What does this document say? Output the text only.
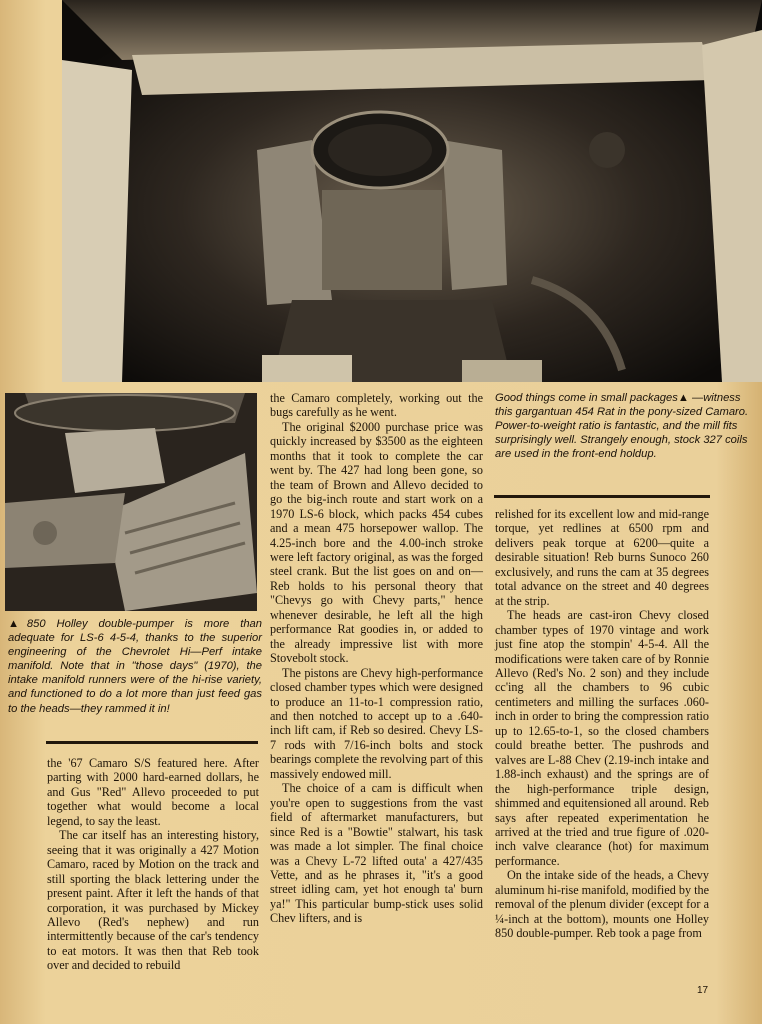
▲850 Holley double-pumper is more than adequate for LS-6 4-5-4, thanks to the superior engineering of the Chevrolet Hi—Perf intake manifold. Note that in "those days" (1970), the intake manifold runners were of the hi-rise variety, and functioned to do a lot more than just feed gas to the heads—they rammed it in!
Good things come in small packages▲ —witness this gargantuan 454 Rat in the pony-sized Camaro. Power-to-weight ratio is fantastic, and the mill fits surprisingly well. Strangely enough, stock 327 coils are used in the front-end holdup.

the '67 Camaro S/S featured here. After parting with 2000 hard-earned dollars, he and Gus "Red" Allevo proceeded to put together what would become a local legend, to say the least.

The car itself has an interesting history, seeing that it was originally a 427 Motion Camaro, raced by Motion on the track and still sporting the black lettering under the present paint. After it left the hands of that corporation, it was purchased by Mickey Allevo (Red's nephew) and run intermittently because of the car's tendency to eat motors. It was then that Reb took over and decided to rebuild

the Camaro completely, working out the bugs carefully as he went.

The original $2000 purchase price was quickly increased by $3500 as the eighteen months that it took to complete the car went by. The 427 had long been gone, so the team of Brown and Allevo decided to go the big-inch route and start work on a 1970 LS-6 block, which packs 454 cubes and a mean 475 horsepower wallop. The 4.25-inch bore and the 4.00-inch stroke were left factory original, as was the forged steel crank. But the list goes on and on—Reb holds to his personal theory that "Chevys go with Chevy parts," hence whenever desirable, he left all the high performance Rat goodies in, or added to the already impressive list with more Stovebolt stock.

The pistons are Chevy high-performance closed chamber types which were designed to produce an 11-to-1 compression ratio, and then notched to accept up to a .640-inch lift cam, if Reb so desired. Chevy LS-7 rods with 7/16-inch bolts and stock bearings complete the revolving part of this massively endowed mill.

The choice of a cam is difficult when you're open to suggestions from the vast field of aftermarket manufacturers, but since Red is a "Bowtie" stalwart, his task was made a lot simpler. The final choice was a Chevy L-72 lifted outa' a 427/435 Vette, and as he phrases it, "it's a good street idling cam, yet hot enough ta' burn ya!" This particular bump-stick uses solid Chev lifters, and is

relished for its excellent low and mid-range torque, yet redlines at 6500 rpm and delivers peak torque at 6200—quite a desirable situation! Reb burns Sunoco 260 exclusively, and runs the cam at 35 degrees total advance on the street and 40 degrees at the strip.

The heads are cast-iron Chevy closed chamber types of 1970 vintage and work just fine atop the stompin' 4-5-4. All the modifications were taken care of by Ronnie Allevo (Red's No. 2 son) and they include cc'ing all the chambers to 96 cubic centimeters and milling the surfaces .060-inch in order to bring the compression ratio up to 12.65-to-1, so the closed chambers could breathe better. The pushrods and valves are L-88 Chev (2.19-inch intake and 1.88-inch exhaust) and the springs are of the high-performance triple design, shimmed and equitensioned all around. Reb says after repeated experimentation he arrived at the tried and true figure of .020-inch valve clearance (hot) for maximum performance.

On the intake side of the heads, a Chevy aluminum hi-rise manifold, modified by the removal of the plenum divider (except for a ¼-inch at the bottom), mounts one Holley 850 double-pumper. Reb took a page from

17
